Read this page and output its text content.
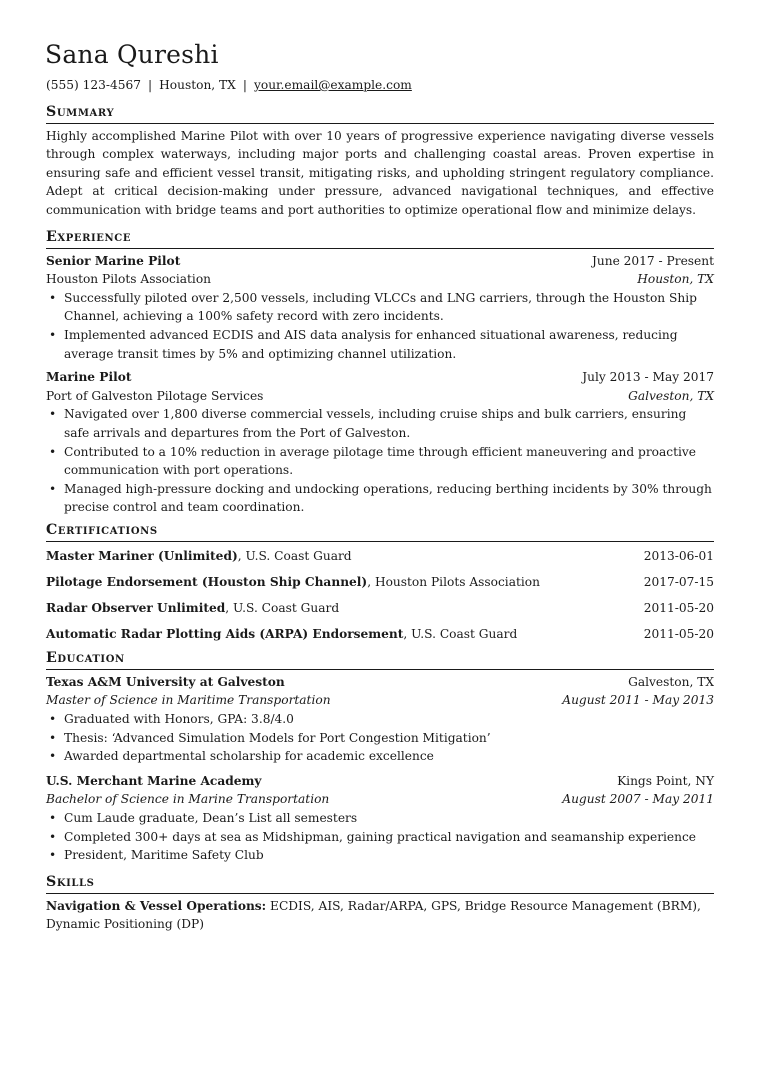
Sana Qureshi
(555) 123-4567 | Houston, TX | your.email@example.com
Summary
Highly accomplished Marine Pilot with over 10 years of progressive experience navigating diverse vessels through complex waterways, including major ports and challenging coastal areas. Proven expertise in ensuring safe and efficient vessel transit, mitigating risks, and upholding stringent regulatory compliance. Adept at critical decision-making under pressure, advanced navigational techniques, and effective communication with bridge teams and port authorities to optimize operational flow and minimize delays.
Experience
Senior Marine Pilot	June 2017 - Present
Houston Pilots Association	Houston, TX
• Successfully piloted over 2,500 vessels, including VLCCs and LNG carriers, through the Houston Ship Channel, achieving a 100% safety record with zero incidents.
• Implemented advanced ECDIS and AIS data analysis for enhanced situational awareness, reducing average transit times by 5% and optimizing channel utilization.
Marine Pilot	July 2013 - May 2017
Port of Galveston Pilotage Services	Galveston, TX
• Navigated over 1,800 diverse commercial vessels, including cruise ships and bulk carriers, ensuring safe arrivals and departures from the Port of Galveston.
• Contributed to a 10% reduction in average pilotage time through efficient maneuvering and proactive communication with port operations.
• Managed high-pressure docking and undocking operations, reducing berthing incidents by 30% through precise control and team coordination.
Certifications
Master Mariner (Unlimited), U.S. Coast Guard	2013-06-01
Pilotage Endorsement (Houston Ship Channel), Houston Pilots Association	2017-07-15
Radar Observer Unlimited, U.S. Coast Guard	2011-05-20
Automatic Radar Plotting Aids (ARPA) Endorsement, U.S. Coast Guard	2011-05-20
Education
Texas A&M University at Galveston	Galveston, TX
Master of Science in Maritime Transportation	August 2011 - May 2013
• Graduated with Honors, GPA: 3.8/4.0
• Thesis: ‘Advanced Simulation Models for Port Congestion Mitigation’
• Awarded departmental scholarship for academic excellence
U.S. Merchant Marine Academy	Kings Point, NY
Bachelor of Science in Marine Transportation	August 2007 - May 2011
• Cum Laude graduate, Dean’s List all semesters
• Completed 300+ days at sea as Midshipman, gaining practical navigation and seamanship experience
• President, Maritime Safety Club
Skills
Navigation & Vessel Operations: ECDIS, AIS, Radar/ARPA, GPS, Bridge Resource Management (BRM), Dynamic Positioning (DP)
